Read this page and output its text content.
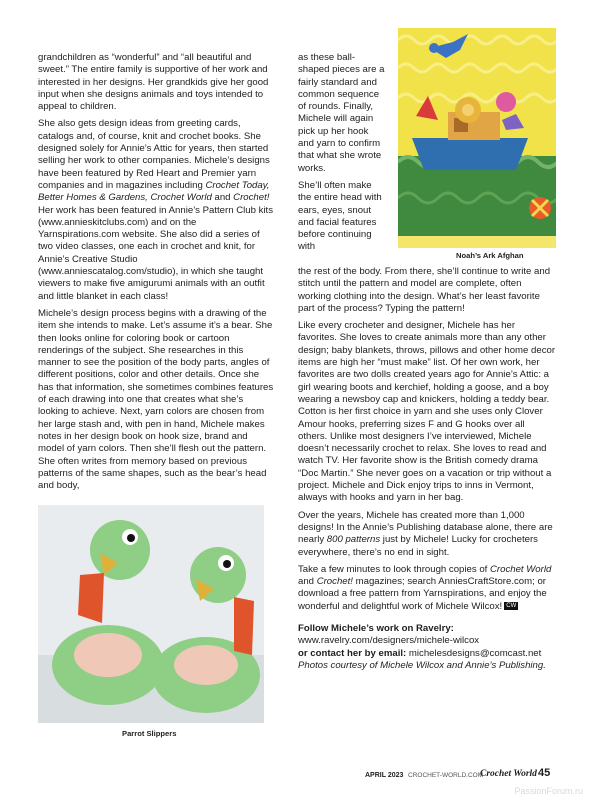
grandchildren as “wonderful” and “all beautiful and sweet.” The entire family is supportive of her work and interested in her designs. Her grandkids give her good input when she designs animals and toys intended to appeal to children.

She also gets design ideas from greeting cards, catalogs and, of course, knit and crochet books. She designed solely for Annie’s Attic for years, then started selling her work to other companies. Michele’s designs have been featured by Red Heart and Premier yarn companies and in magazines including Crochet Today, Better Homes & Gardens, Crochet World and Crochet! Her work has been featured in Annie’s Pattern Club kits (www.annieskitclubs.com) and on the Yarnspirations.com website. She also did a series of two video classes, one each in crochet and knit, for Annie’s Creative Studio (www.anniescatalog.com/studio), in which she taught viewers to make five amigurumi animals with an outfit and little blanket in each class!

Michele’s design process begins with a drawing of the item she intends to make. Let’s assume it’s a bear. She then looks online for coloring book or cartoon renderings of the subject. She researches in this manner to see the position of the body parts, angles of different positions, color and other details. Once she has that information, she sometimes combines features of each drawing into one that creates what she’s looking to achieve. Next, yarn colors are chosen from her large stash and, with pen in hand, Michele makes notes in her design book on hook size, brand and model of yarn colors. Then she’ll flesh out the pattern. She often writes from memory based on previous patterns of the same shapes, such as the bear’s head and body,

as these ball-shaped pieces are a fairly standard and common sequence of rounds. Finally, Michele will again pick up her hook and yarn to confirm that what she wrote works.

She’ll often make the entire head with ears, eyes, snout and facial features before continuing with

Noah’s Ark Afghan

the rest of the body. From there, she’ll continue to write and stitch until the pattern and model are complete, often working clothing into the design. What’s her least favorite part of the process? Typing the pattern!

Like every crocheter and designer, Michele has her favorites. She loves to create animals more than any other design; baby blankets, throws, pillows and other home decor items are high her “must make” list. Of her own work, her favorites are two dolls created years ago for Annie’s Attic: a girl wearing boots and kerchief, holding a goose, and a boy wearing a newsboy cap and knickers, holding a teddy bear. Cotton is her first choice in yarn and she uses only Clover Amour hooks, preferring sizes F and G hooks over all others. Unlike most designers I’ve interviewed, Michele doesn’t necessarily crochet to relax. She loves to read and watch TV. Her favorite show is the British comedy drama “Doc Martin.” She never goes on a vacation or trip without a project. Michele and Dick enjoy trips to inns in Vermont, always with hooks and yarn in her bag.

Over the years, Michele has created more than 1,000 designs! In the Annie’s Publishing database alone, there are nearly 800 patterns just by Michele! Lucky for crocheters everywhere, there’s no end in sight.

Take a few minutes to look through copies of Crochet World and Crochet! magazines; search AnniesCraftStore.com; or download a free pattern from Yarnspirations, and enjoy the wonderful and delightful work of Michele Wilcox! CW

Follow Michele’s work on Ravelry: www.ravelry.com/designers/michele-wilcox
or contact her by email: michelesdesigns@comcast.net
Photos courtesy of Michele Wilcox and Annie’s Publishing.

Parrot Slippers
APRIL 2023 CROCHET-WORLD.COM
Crochet World 45
PassionForum.ru
